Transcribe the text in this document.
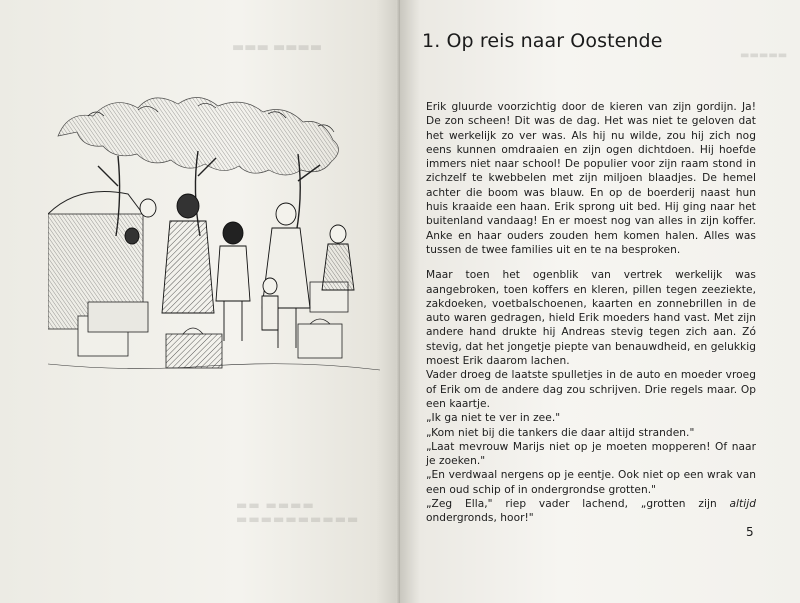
▬▬▬ ▬▬▬▬
▬▬ ▬▬▬▬ ▬▬▬▬▬▬▬▬▬▬
▬▬▬▬▬
1. Op reis naar Oostende

Erik gluurde voorzichtig door de kieren van zijn gordijn. Ja! De zon scheen! Dit was de dag. Het was niet te geloven dat het werkelijk zo ver was. Als hij nu wilde, zou hij zich nog eens kunnen omdraaien en zijn ogen dichtdoen. Hij hoefde immers niet naar school! De populier voor zijn raam stond in zichzelf te kwebbelen met zijn miljoen blaadjes. De hemel achter die boom was blauw. En op de boerderij naast hun huis kraaide een haan. Erik sprong uit bed. Hij ging naar het buitenland vandaag! En er moest nog van alles in zijn koffer. Anke en haar ouders zouden hem komen halen. Alles was tussen de twee families uit en te na besproken.

Maar toen het ogenblik van vertrek werkelijk was aangebroken, toen koffers en kleren, pillen tegen zeeziekte, zakdoeken, voetbalschoenen, kaarten en zonnebrillen in de auto waren gedragen, hield Erik moeders hand vast. Met zijn andere hand drukte hij Andreas stevig tegen zich aan. Zó stevig, dat het jongetje piepte van benauwdheid, en gelukkig moest Erik daarom lachen.

Vader droeg de laatste spulletjes in de auto en moeder vroeg of Erik om de andere dag zou schrijven. Drie regels maar. Op een kaartje.

„Ik ga niet te ver in zee."

„Kom niet bij die tankers die daar altijd stranden."

„Laat mevrouw Marijs niet op je moeten mopperen! Of naar je zoeken."

„En verdwaal nergens op je eentje. Ook niet op een wrak van een oud schip of in ondergrondse grotten."

„Zeg Ella," riep vader lachend, „grotten zijn altijd ondergronds, hoor!"

5
